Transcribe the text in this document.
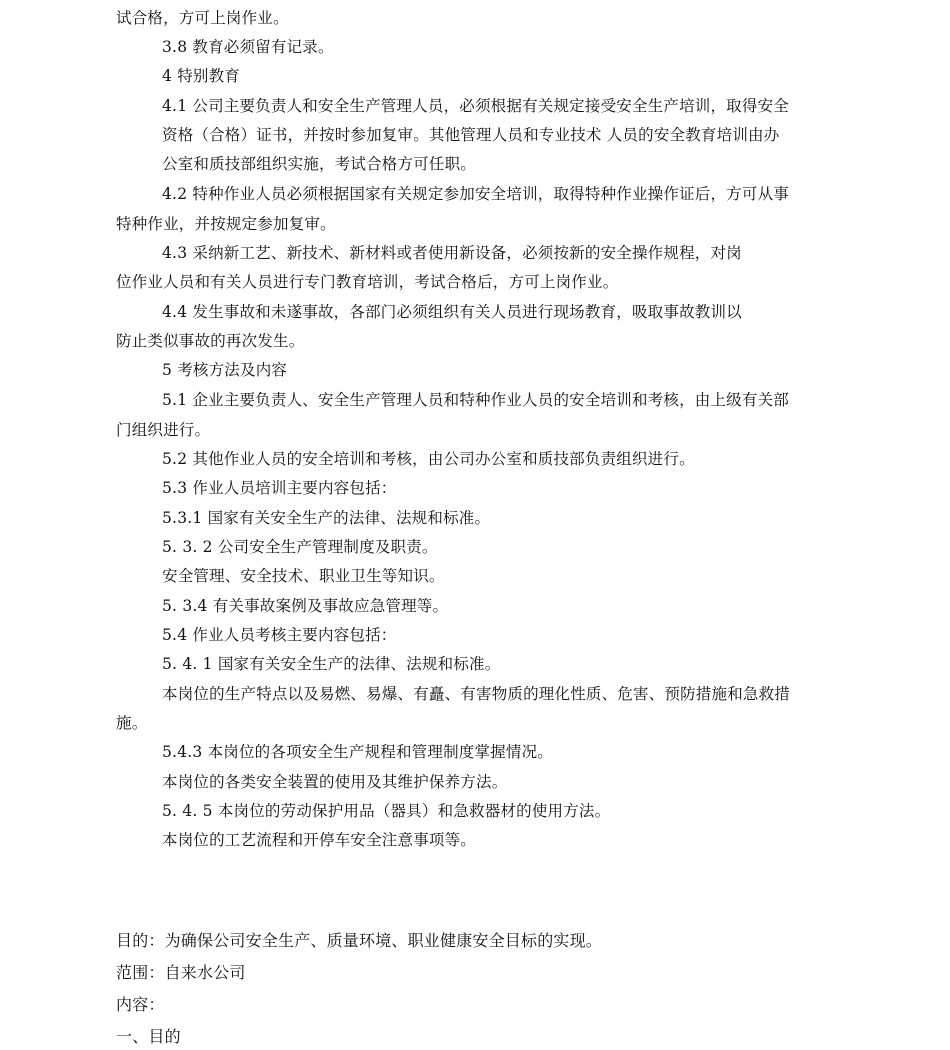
试合格，方可上岗作业。
3.8 教育必须留有记录。
4 特别教育
4.1 公司主要负责人和安全生产管理人员，必须根据有关规定接受安全生产培训，取得安全
资格（合格）证书，并按时参加复审。其他管理人员和专业技术 人员的安全教育培训由办
公室和质技部组织实施，考试合格方可任职。
4.2 特种作业人员必须根据国家有关规定参加安全培训，取得特种作业操作证后，方可从事
特种作业，并按规定参加复审。
4.3 采纳新工艺、新技术、新材料或者使用新设备，必须按新的安全操作规程，对岗
位作业人员和有关人员进行专门教育培训，考试合格后，方可上岗作业。
4.4 发生事故和未遂事故，各部门必须组织有关人员进行现场教育，吸取事故教训以
防止类似事故的再次发生。
5 考核方法及内容
5.1 企业主要负责人、安全生产管理人员和特种作业人员的安全培训和考核，由上级有关部
门组织进行。
5.2 其他作业人员的安全培训和考核，由公司办公室和质技部负责组织进行。
5.3 作业人员培训主要内容包括：
5.3.1 国家有关安全生产的法律、法规和标准。
5. 3. 2 公司安全生产管理制度及职责。
安全管理、安全技术、职业卫生等知识。
5. 3.4 有关事故案例及事故应急管理等。
5.4 作业人员考核主要内容包括：
5. 4. 1 国家有关安全生产的法律、法规和标准。
本岗位的生产特点以及易燃、易爆、有矗、有害物质的理化性质、危害、预防措施和急救措
施。
5.4.3 本岗位的各项安全生产规程和管理制度掌握情况。
本岗位的各类安全装置的使用及其维护保养方法。
5. 4. 5 本岗位的劳动保护用品（器具）和急救器材的使用方法。
本岗位的工艺流程和开停车安全注意事项等。
目的：为确保公司安全生产、质量环境、职业健康安全目标的实现。
范围：自来水公司
内容：
一、目的
